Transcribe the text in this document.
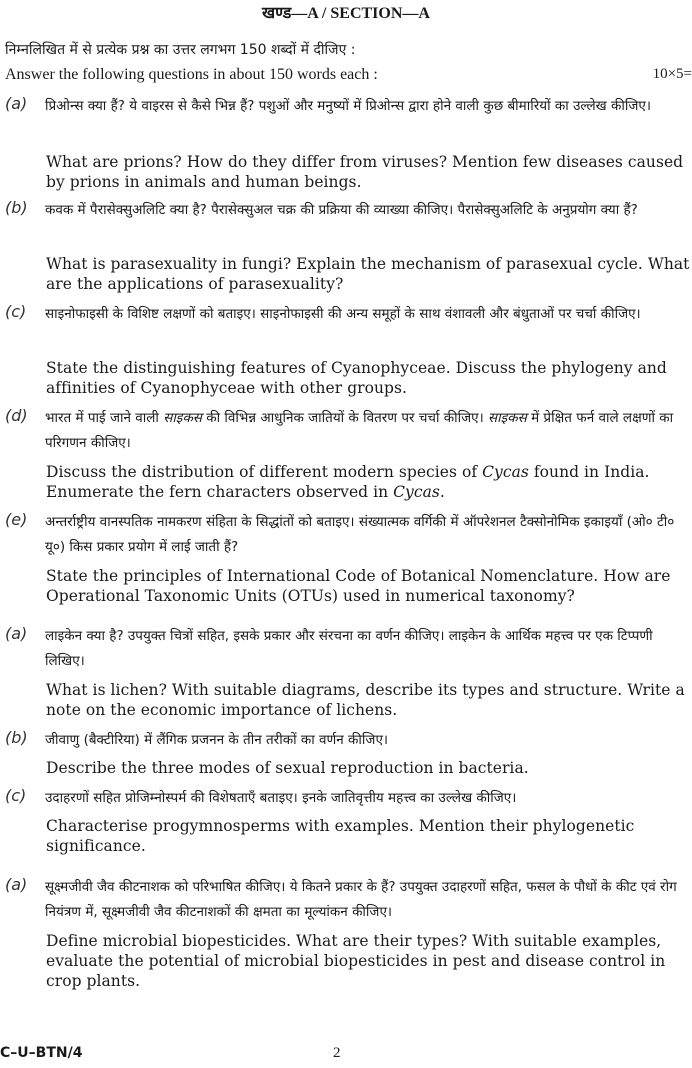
खण्ड—A / SECTION—A
निम्नलिखित में से प्रत्येक प्रश्न का उत्तर लगभग 150 शब्दों में दीजिए :
Answer the following questions in about 150 words each :	10×5=
(a) प्रिओन्स क्या हैं? ये वाइरस से कैसे भिन्न हैं? पशुओं और मनुष्यों में प्रिओन्स द्वारा होने वाली कुछ बीमारियों का उल्लेख कीजिए।
What are prions? How do they differ from viruses? Mention few diseases caused by prions in animals and human beings.
(b) कवक में पैरासेक्सुअलिटि क्या है? पैरासेक्सुअल चक्र की प्रक्रिया की व्याख्या कीजिए। पैरासेक्सुअलिटि के अनुप्रयोग क्या हैं?
What is parasexuality in fungi? Explain the mechanism of parasexual cycle. What are the applications of parasexuality?
(c) साइनोफाइसी के विशिष्ट लक्षणों को बताइए। साइनोफाइसी की अन्य समूहों के साथ वंशावली और बंधुताओं पर चर्चा कीजिए।
State the distinguishing features of Cyanophyceae. Discuss the phylogeny and affinities of Cyanophyceae with other groups.
(d) भारत में पाई जाने वाली साइकस की विभिन्न आधुनिक जातियों के वितरण पर चर्चा कीजिए। साइकस में प्रेक्षित फर्न वाले लक्षणों का परिगणन कीजिए।
Discuss the distribution of different modern species of Cycas found in India. Enumerate the fern characters observed in Cycas.
(e) अन्तर्राष्ट्रीय वानस्पतिक नामकरण संहिता के सिद्धांतों को बताइए। संख्यात्मक वर्गिकी में ऑपरेशनल टैक्सोनोमिक इकाइयाँ (ओ० टी० यू०) किस प्रकार प्रयोग में लाई जाती हैं?
State the principles of International Code of Botanical Nomenclature. How are Operational Taxonomic Units (OTUs) used in numerical taxonomy?
(a) लाइकेन क्या है? उपयुक्त चित्रों सहित, इसके प्रकार और संरचना का वर्णन कीजिए। लाइकेन के आर्थिक महत्त्व पर एक टिप्पणी लिखिए।
What is lichen? With suitable diagrams, describe its types and structure. Write a note on the economic importance of lichens.
(b) जीवाणु (बैक्टीरिया) में लैंगिक प्रजनन के तीन तरीकों का वर्णन कीजिए।
Describe the three modes of sexual reproduction in bacteria.
(c) उदाहरणों सहित प्रोजिम्नोस्पर्म की विशेषताएँ बताइए। इनके जातिवृत्तीय महत्त्व का उल्लेख कीजिए।
Characterise progymnosperms with examples. Mention their phylogenetic significance.
(a) सूक्ष्मजीवी जैव कीटनाशक को परिभाषित कीजिए। ये कितने प्रकार के हैं? उपयुक्त उदाहरणों सहित, फसल के पौधों के कीट एवं रोग नियंत्रण में, सूक्ष्मजीवी जैव कीटनाशकों की क्षमता का मूल्यांकन कीजिए।
Define microbial biopesticides. What are their types? With suitable examples, evaluate the potential of microbial biopesticides in pest and disease control in crop plants.
C–U–BTN/4	2
